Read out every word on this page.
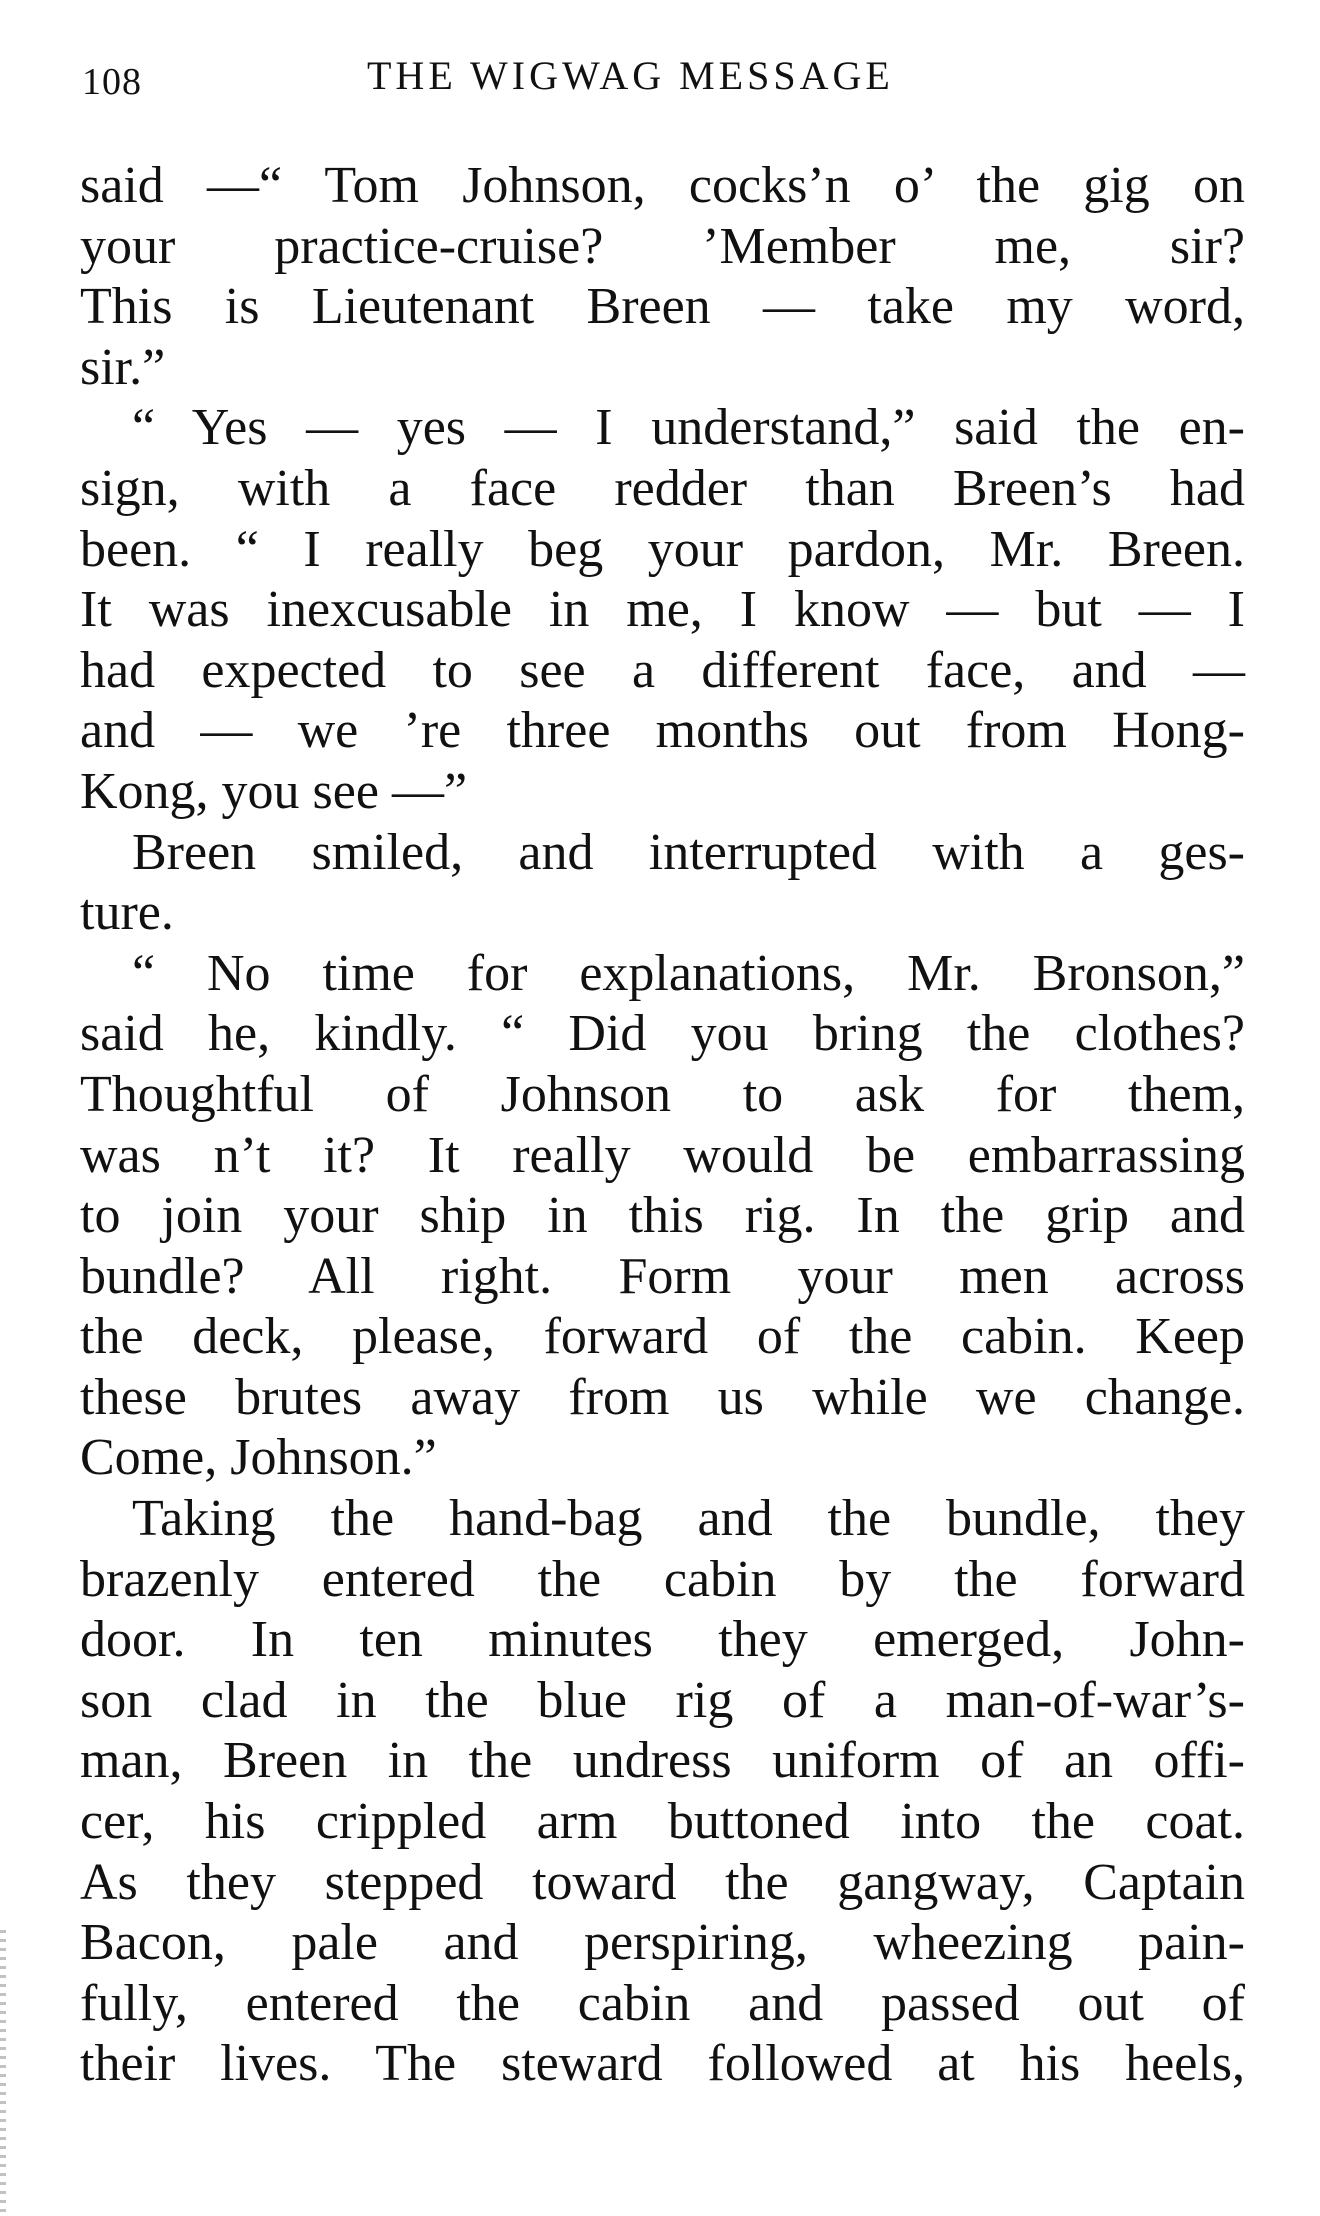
108	THE WIGWAG MESSAGE
said —“ Tom Johnson, cocks’n o’ the gig on
your practice-cruise? ’Member me, sir?
This is Lieutenant Breen — take my word,
sir.”
“ Yes — yes — I understand,” said the en-
sign, with a face redder than Breen’s had
been. “ I really beg your pardon, Mr. Breen.
It was inexcusable in me, I know — but — I
had expected to see a different face, and —
and — we ’re three months out from Hong-
Kong, you see —”
Breen smiled, and interrupted with a ges-
ture.
“ No time for explanations, Mr. Bronson,”
said he, kindly. “ Did you bring the clothes?
Thoughtful of Johnson to ask for them,
was n’t it? It really would be embarrassing
to join your ship in this rig. In the grip and
bundle? All right. Form your men across
the deck, please, forward of the cabin. Keep
these brutes away from us while we change.
Come, Johnson.”
Taking the hand-bag and the bundle, they
brazenly entered the cabin by the forward
door. In ten minutes they emerged, John-
son clad in the blue rig of a man-of-war’s-
man, Breen in the undress uniform of an offi-
cer, his crippled arm buttoned into the coat.
As they stepped toward the gangway, Captain
Bacon, pale and perspiring, wheezing pain-
fully, entered the cabin and passed out of
their lives. The steward followed at his heels,
